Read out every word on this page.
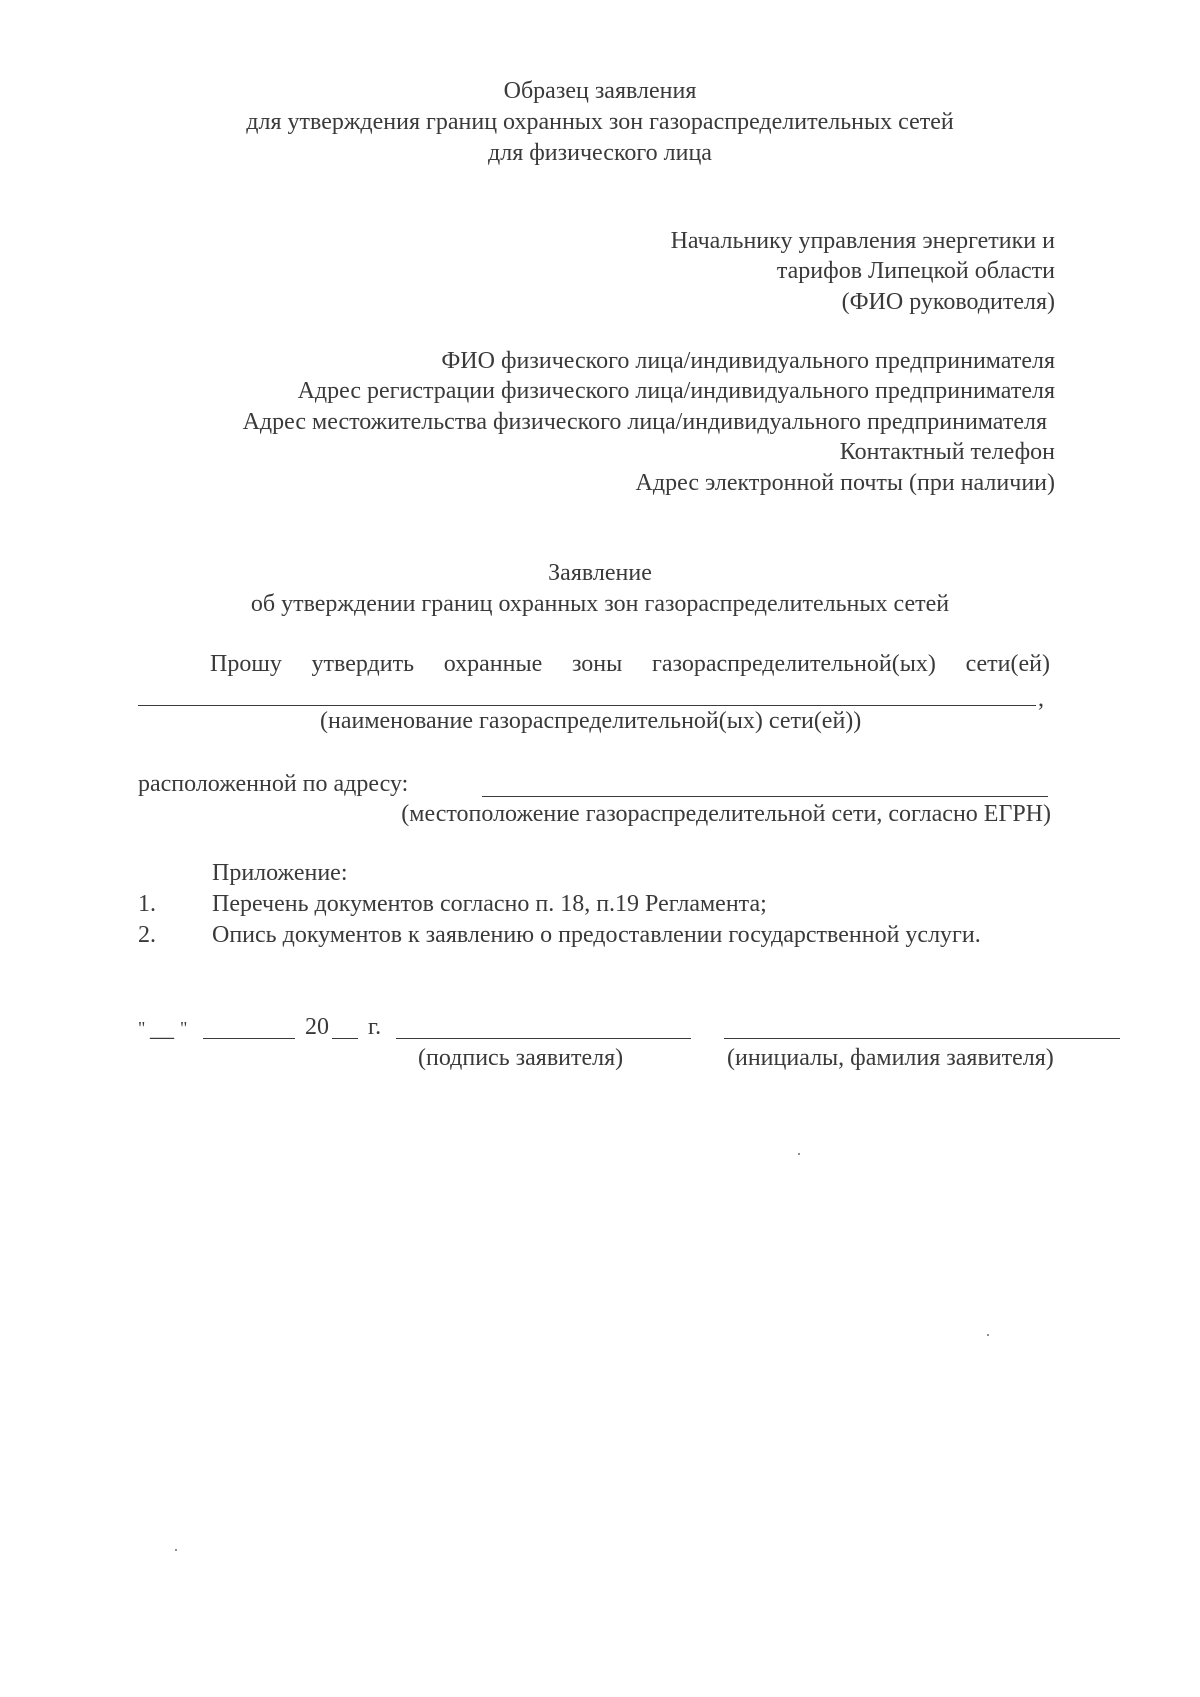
Образец заявления
для утверждения границ охранных зон газораспределительных сетей
для физического лица
Начальнику управления энергетики и
тарифов Липецкой области
(ФИО руководителя)
ФИО физического лица/индивидуального предпринимателя
Адрес регистрации физического лица/индивидуального предпринимателя
Адрес местожительства физического лица/индивидуального предпринимателя
Контактный телефон
Адрес электронной почты (при наличии)
Заявление
об утверждении границ охранных зон газораспределительных сетей
Прошу утвердить охранные зоны газораспределительной(ых) сети(ей)
,
(наименование газораспределительной(ых) сети(ей))
расположенной по адресу:
(местоположение газораспределительной сети, согласно ЕГРН)
Приложение:
1. Перечень документов согласно п. 18, п.19 Регламента;
2. Опись документов к заявлению о предоставлении государственной услуги.
" __ "	20 г.
(подпись заявителя)	(инициалы, фамилия заявителя)
